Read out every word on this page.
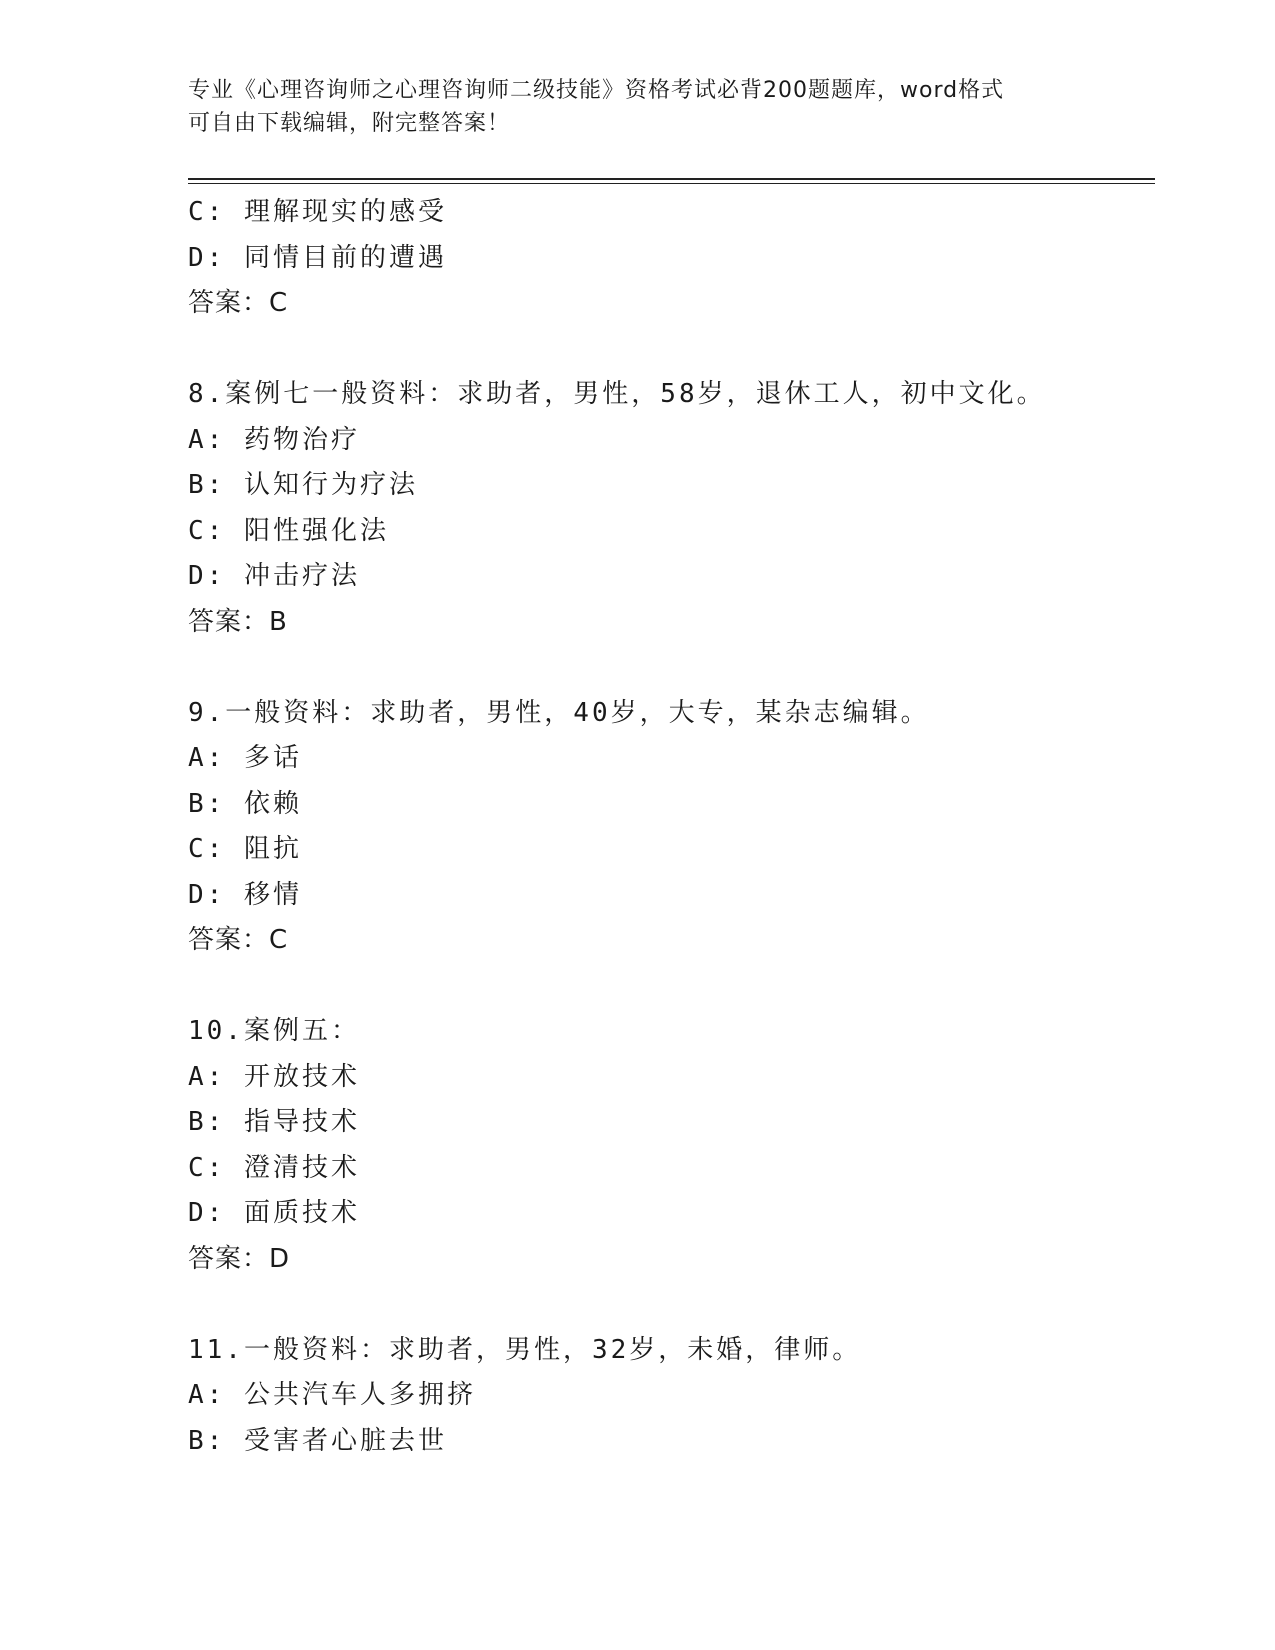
专业《心理咨询师之心理咨询师二级技能》资格考试必背200题题库，word格式
可自由下载编辑，附完整答案！
C: 理解现实的感受
D: 同情目前的遭遇
答案：C
8.案例七一般资料：求助者，男性，58岁，退休工人，初中文化。
A: 药物治疗
B: 认知行为疗法
C: 阳性强化法
D: 冲击疗法
答案：B
9.一般资料：求助者，男性，40岁，大专，某杂志编辑。
A: 多话
B: 依赖
C: 阻抗
D: 移情
答案：C
10.案例五：
A: 开放技术
B: 指导技术
C: 澄清技术
D: 面质技术
答案：D
11.一般资料：求助者，男性，32岁，未婚，律师。
A: 公共汽车人多拥挤
B: 受害者心脏去世
